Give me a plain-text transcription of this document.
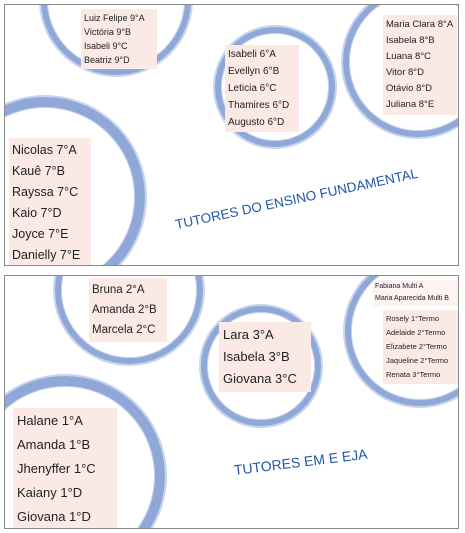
Luiz Felipe 9°A
Victória 9°B
Isabeli 9°C
Beatriz 9°D	Isabeli 6°A
Evellyn 6°B
Leticia 6°C
Thamires 6°D
Augusto 6°D
Maria Clara 8°A
Isabela 8°B
Luana 8°C
Vitor 8°D
Otávio 8°D
Juliana 8°E
Nicolas 7°A
Kauê 7°B
Rayssa 7°C
Kaio 7°D
Joyce 7°E
Danielly 7°E
TUTORES DO ENSINO FUNDAMENTAL
Bruna 2°A
Amanda 2°B
Marcela 2°C	Lara 3°A
Isabela 3°B
Giovana 3°C
Fabiana Multi A
Maria Aparecida Multi B
Rosely 1°Termo
Adelaide 2°Termo
Elizabete 2°Termo
Jaqueline 2°Termo
Renata 3°Termo
Halane 1°A
Amanda 1°B
Jhenyffer 1°C
Kaiany 1°D
Giovana 1°D
TUTORES EM E EJA
